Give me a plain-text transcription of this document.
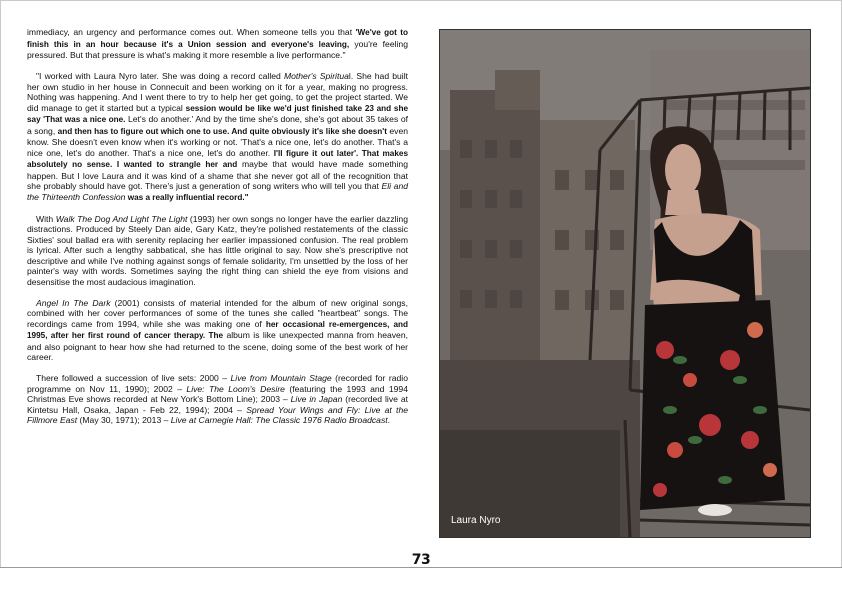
immediacy, an urgency and performance comes out. When someone tells you that 'We've got to finish this in an hour because it's a Union session and everyone's leaving, you're feeling pressured. But that pressure is what's making it more resemble a live performance."

"I worked with Laura Nyro later. She was doing a record called Mother's Spiritual. She had built her own studio in her house in Connecuit and been working on it for a year, making no progress. Nothing was happening. And I went there to try to help her get going, to get the project started. We did manage to get it started but a typical session would be like we'd just finished take 23 and she say 'That was a nice one. Let's do another.' And by the time she's done, she's got about 35 takes of a song, and then has to figure out which one to use. And quite obviously it's like she doesn't even know. She doesn't even know when it's working or not. 'That's a nice one, let's do another. That's a nice one, let's do another. That's a nice one, let's do another. I'll figure it out later'. That makes absolutely no sense. I wanted to strangle her and maybe that would have made something happen. But I love Laura and it was kind of a shame that she never got all of the recognition that she probably should have got. There's just a generation of song writers who will tell you that Eli and the Thirteenth Confession was a really influential record."

With Walk The Dog And Light The Light (1993) her own songs no longer have the earlier dazzling distractions. Produced by Steely Dan aide, Gary Katz, they're polished restatements of the classic Sixties' soul ballad era with serenity replacing her earlier impassioned confusion. The real problem is lyrical. After such a lengthy sabbatical, she has little original to say. Now she's prescriptive not descriptive and while I've nothing against songs of female solidarity, I'm unsettled by the loss of her painter's way with words. Sometimes saying the right thing can shield the eye from visions and desensitise the most audacious imagination.

Angel In The Dark (2001) consists of material intended for the album of new original songs, combined with her cover performances of some of the tunes she called "heartbeat" songs. The recordings came from 1994, while she was making one of her occasional re-emergences, and 1995, after her first round of cancer therapy. The album is like unexpected manna from heaven, and also poignant to hear how she had returned to the scene, doing some of the best work of her career.

There followed a succession of live sets: 2000 – Live from Mountain Stage (recorded for radio programme on Nov 11, 1990); 2002 – Live: The Loom's Desire (featuring the 1993 and 1994 Christmas Eve shows recorded at New York's Bottom Line); 2003 – Live in Japan (recorded live at Kintetsu Hall, Osaka, Japan - Feb 22, 1994); 2004 – Spread Your Wings and Fly: Live at the Fillmore East (May 30, 1971); 2013 – Live at Carnegie Hall: The Classic 1976 Radio Broadcast.

Laura Nyro
73
